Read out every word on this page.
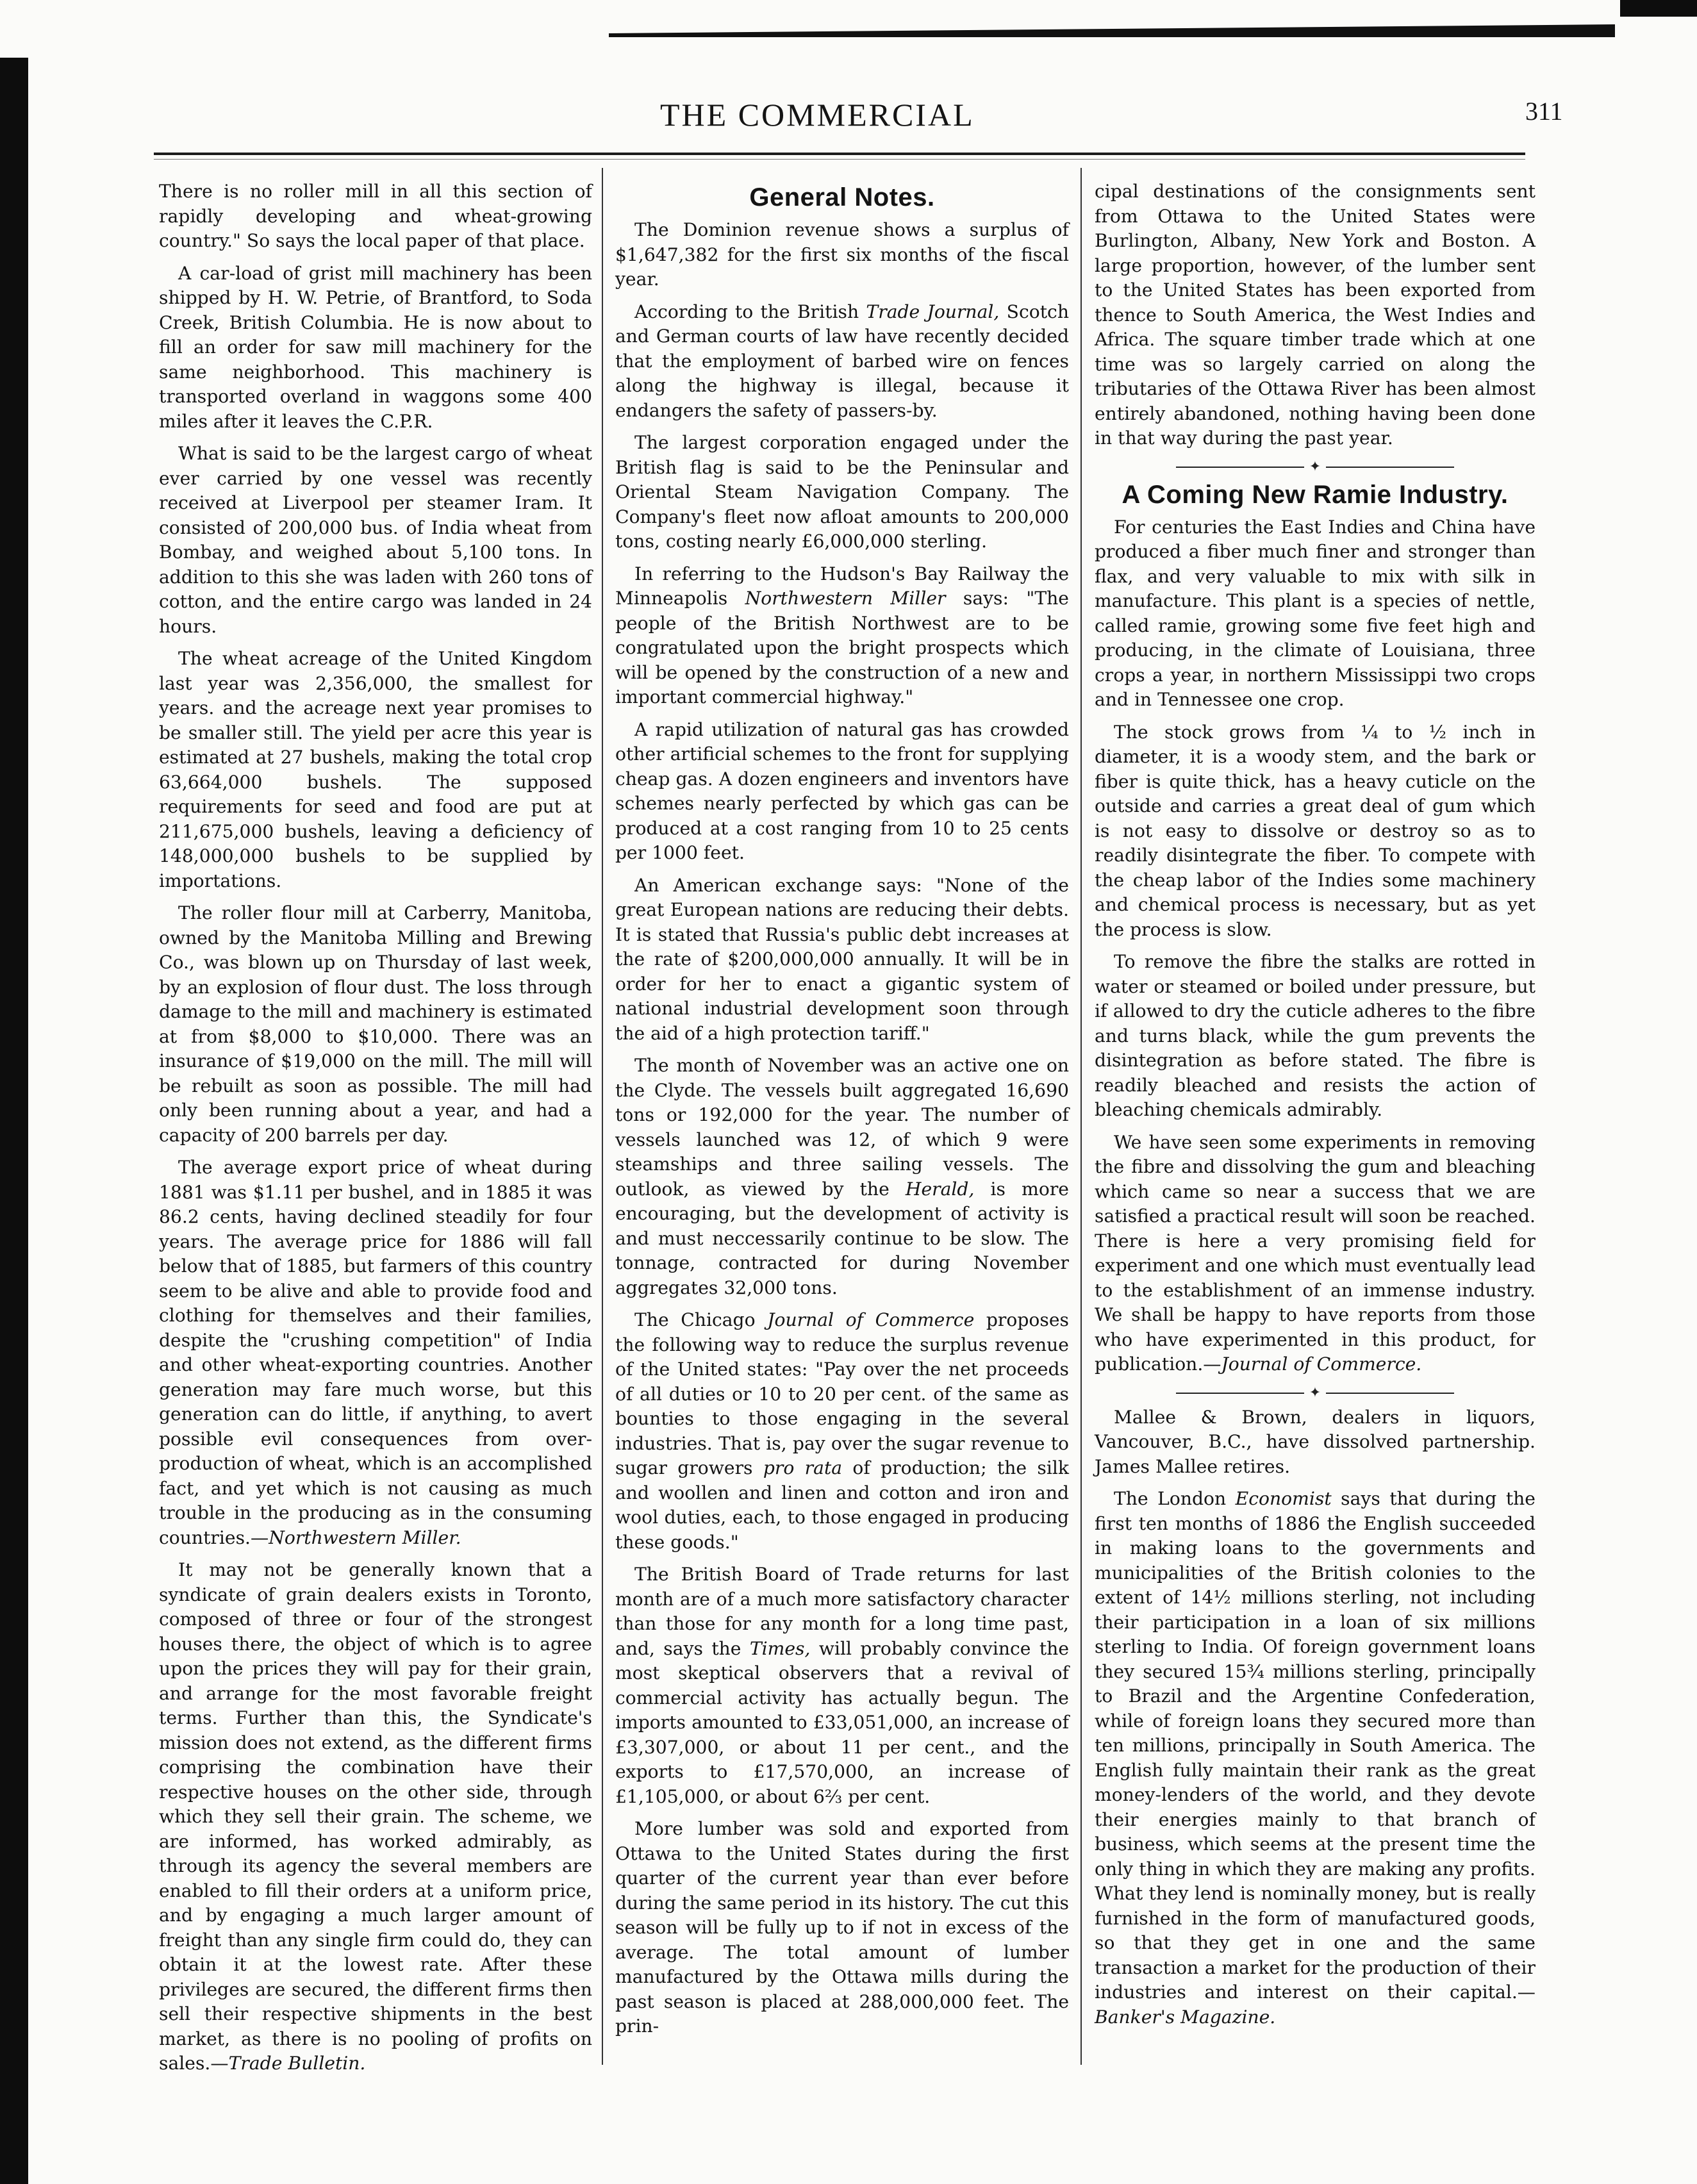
THE COMMERCIAL	311

There is no roller mill in all this section of rapidly developing and wheat-growing country." So says the local paper of that place.

A car-load of grist mill machinery has been shipped by H. W. Petrie, of Brantford, to Soda Creek, British Columbia. He is now about to fill an order for saw mill machinery for the same neighborhood. This machinery is transported overland in waggons some 400 miles after it leaves the C.P.R.

What is said to be the largest cargo of wheat ever carried by one vessel was recently received at Liverpool per steamer Iram. It consisted of 200,000 bus. of India wheat from Bombay, and weighed about 5,100 tons. In addition to this she was laden with 260 tons of cotton, and the entire cargo was landed in 24 hours.

The wheat acreage of the United Kingdom last year was 2,356,000, the smallest for years. and the acreage next year promises to be smaller still. The yield per acre this year is estimated at 27 bushels, making the total crop 63,664,000 bushels. The supposed requirements for seed and food are put at 211,675,000 bushels, leaving a deficiency of 148,000,000 bushels to be supplied by importations.

The roller flour mill at Carberry, Manitoba, owned by the Manitoba Milling and Brewing Co., was blown up on Thursday of last week, by an explosion of flour dust. The loss through damage to the mill and machinery is estimated at from $8,000 to $10,000. There was an insurance of $19,000 on the mill. The mill will be rebuilt as soon as possible. The mill had only been running about a year, and had a capacity of 200 barrels per day.

The average export price of wheat during 1881 was $1.11 per bushel, and in 1885 it was 86.2 cents, having declined steadily for four years. The average price for 1886 will fall below that of 1885, but farmers of this country seem to be alive and able to provide food and clothing for themselves and their families, despite the "crushing competition" of India and other wheat-exporting countries. Another generation may fare much worse, but this generation can do little, if anything, to avert possible evil consequences from over-production of wheat, which is an accomplished fact, and yet which is not causing as much trouble in the producing as in the consuming countries.—Northwestern Miller.

It may not be generally known that a syndicate of grain dealers exists in Toronto, composed of three or four of the strongest houses there, the object of which is to agree upon the prices they will pay for their grain, and arrange for the most favorable freight terms. Further than this, the Syndicate's mission does not extend, as the different firms comprising the combination have their respective houses on the other side, through which they sell their grain. The scheme, we are informed, has worked admirably, as through its agency the several members are enabled to fill their orders at a uniform price, and by engaging a much larger amount of freight than any single firm could do, they can obtain it at the lowest rate. After these privileges are secured, the different firms then sell their respective shipments in the best market, as there is no pooling of profits on sales.—Trade Bulletin.

General Notes.

The Dominion revenue shows a surplus of $1,647,382 for the first six months of the fiscal year.

According to the British Trade Journal, Scotch and German courts of law have recently decided that the employment of barbed wire on fences along the highway is illegal, because it endangers the safety of passers-by.

The largest corporation engaged under the British flag is said to be the Peninsular and Oriental Steam Navigation Company. The Company's fleet now afloat amounts to 200,000 tons, costing nearly £6,000,000 sterling.

In referring to the Hudson's Bay Railway the Minneapolis Northwestern Miller says: "The people of the British Northwest are to be congratulated upon the bright prospects which will be opened by the construction of a new and important commercial highway."

A rapid utilization of natural gas has crowded other artificial schemes to the front for supplying cheap gas. A dozen engineers and inventors have schemes nearly perfected by which gas can be produced at a cost ranging from 10 to 25 cents per 1000 feet.

An American exchange says: "None of the great European nations are reducing their debts. It is stated that Russia's public debt increases at the rate of $200,000,000 annually. It will be in order for her to enact a gigantic system of national industrial development soon through the aid of a high protection tariff."

The month of November was an active one on the Clyde. The vessels built aggregated 16,690 tons or 192,000 for the year. The number of vessels launched was 12, of which 9 were steamships and three sailing vessels. The outlook, as viewed by the Herald, is more encouraging, but the development of activity is and must neccessarily continue to be slow. The tonnage, contracted for during November aggregates 32,000 tons.

The Chicago Journal of Commerce proposes the following way to reduce the surplus revenue of the United states: "Pay over the net proceeds of all duties or 10 to 20 per cent. of the same as bounties to those engaging in the several industries. That is, pay over the sugar revenue to sugar growers pro rata of production; the silk and woollen and linen and cotton and iron and wool duties, each, to those engaged in producing these goods."

The British Board of Trade returns for last month are of a much more satisfactory character than those for any month for a long time past, and, says the Times, will probably convince the most skeptical observers that a revival of commercial activity has actually begun. The imports amounted to £33,051,000, an increase of £3,307,000, or about 11 per cent., and the exports to £17,570,000, an increase of £1,105,000, or about 6⅔ per cent.

More lumber was sold and exported from Ottawa to the United States during the first quarter of the current year than ever before during the same period in its history. The cut this season will be fully up to if not in excess of the average. The total amount of lumber manufactured by the Ottawa mills during the past season is placed at 288,000,000 feet. The prin-

cipal destinations of the consignments sent from Ottawa to the United States were Burlington, Albany, New York and Boston. A large proportion, however, of the lumber sent to the United States has been exported from thence to South America, the West Indies and Africa. The square timber trade which at one time was so largely carried on along the tributaries of the Ottawa River has been almost entirely abandoned, nothing having been done in that way during the past year.

✦
A Coming New Ramie Industry.

For centuries the East Indies and China have produced a fiber much finer and stronger than flax, and very valuable to mix with silk in manufacture. This plant is a species of nettle, called ramie, growing some five feet high and producing, in the climate of Louisiana, three crops a year, in northern Mississippi two crops and in Tennessee one crop.

The stock grows from ¼ to ½ inch in diameter, it is a woody stem, and the bark or fiber is quite thick, has a heavy cuticle on the outside and carries a great deal of gum which is not easy to dissolve or destroy so as to readily disintegrate the fiber. To compete with the cheap labor of the Indies some machinery and chemical process is necessary, but as yet the process is slow.

To remove the fibre the stalks are rotted in water or steamed or boiled under pressure, but if allowed to dry the cuticle adheres to the fibre and turns black, while the gum prevents the disintegration as before stated. The fibre is readily bleached and resists the action of bleaching chemicals admirably.

We have seen some experiments in removing the fibre and dissolving the gum and bleaching which came so near a success that we are satisfied a practical result will soon be reached. There is here a very promising field for experiment and one which must eventually lead to the establishment of an immense industry. We shall be happy to have reports from those who have experimented in this product, for publication.—Journal of Commerce.

✦

Mallee & Brown, dealers in liquors, Vancouver, B.C., have dissolved partnership. James Mallee retires.

The London Economist says that during the first ten months of 1886 the English succeeded in making loans to the governments and municipalities of the British colonies to the extent of 14½ millions sterling, not including their participation in a loan of six millions sterling to India. Of foreign government loans they secured 15¾ millions sterling, principally to Brazil and the Argentine Confederation, while of foreign loans they secured more than ten millions, principally in South America. The English fully maintain their rank as the great money-lenders of the world, and they devote their energies mainly to that branch of business, which seems at the present time the only thing in which they are making any profits. What they lend is nominally money, but is really furnished in the form of manufactured goods, so that they get in one and the same transaction a market for the production of their industries and interest on their capital.—Banker's Magazine.
